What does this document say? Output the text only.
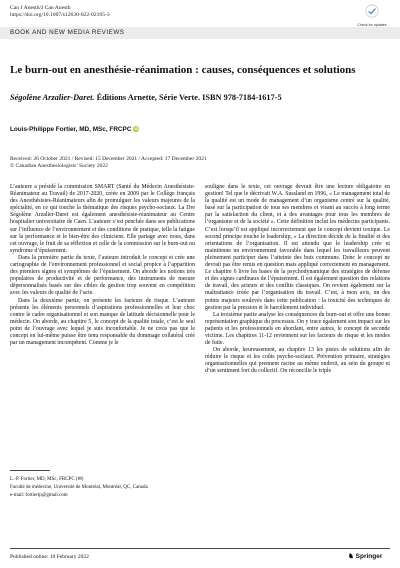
Can J Anesth/J Can Anesth
https://doi.org/10.1007/s12630-022-02195-3
Check for updates
BOOK AND NEW MEDIA REVIEWS
Le burn-out en anesthésie-réanimation : causes, conséquences et solutions

Ségolène Arzalier-Daret. Éditions Arnette, Série Verte. ISBN 978-7184-1617-5

Louis-Philippe Fortier, MD, MSc, FRCPC iD
Received: 26 October 2021 / Revised: 15 December 2021 / Accepted: 17 December 2021
© Canadian Anesthesiologists’ Society 2022

L’auteure a présidé la commission SMART (Santé du Médecin Anesthésiste-Réanimateur au Travail) de 2017-2020, créée en 2009 par le Collège français des Anesthésistes-Réanimateurs afin de promulguer les valeurs majeures de la spécialité, en ce qui touche la thématique des risques psycho-sociaux. La Dre Ségolène Arzalier-Daret est également anesthésiste-réanimateur au Centre hospitalier universitaire de Caen. L’auteure s’est penchée dans ses publications sur l’influence de l’environnement et des conditions de pratique, telle la fatigue sur la performance et le bien-être des cliniciens. Elle partage avec nous, dans cet ouvrage, le fruit de sa réflexion et celle de la commission sur le burn-out ou syndrome d’épuisement.

Dans la première partie du texte, l’auteure introduit le concept et crée une cartographie de l’environnement professionnel et social propice à l’apparition des premiers signes et symptômes de l’épuisement. On aborde les notions très populaires de productivité et de performance, des instruments de mesure dépersonnalisés basés sur des cibles de gestion trop souvent en compétition avec les valeurs de qualité de l’acte.

Dans la deuxième partie, on présente les facteurs de risque. L’auteure présente les éléments personnels d’aspirations professionnelles et leur choc contre le cadre organisationnel et son manque de latitude décisionnelle pour le médecin. On aborde, au chapitre 5, le concept de la qualité totale, c’est le seul point de l’ouvrage avec lequel je suis inconfortable. Je ne crois pas que le concept en lui-même puisse être tenu responsable du dommage collatéral créé par un management incompétent. Comme je le

L.-P. Fortier, MD, MSc, FRCPC (✉)

Faculté de médecine, Université de Montréal, Montréal, QC, Canada

e-mail: fortierlp@gmail.com

souligne dans le texte, cet ouvrage devrait être une lecture obligatoire en gestion! Tel que le décrivait W.A. Sussland en 1996, « Le management total de la qualité est un mode de management d’un organisme centré sur la qualité, basé sur la participation de tous ses membres et visant au succès à long terme par la satisfaction du client, et à des avantages pour tous les membres de l’organisme et de la société ». Cette définition inclut les médecins participants. C’est lorsqu’il est appliqué incorrectement que le concept devient toxique. Le second principe touche le leadership, « La direction décide de la finalité et des orientations de l’organisation. Il est attendu que le leadership crée et maintienne un environnement favorable dans lequel les travailleurs peuvent pleinement participer dans l’atteinte des buts communs. Donc le concept ne devrait pas être remis en question mais appliqué correctement en management. Le chapitre 6 livre les bases de la psychodynamique des stratégies de défense et des signes cardinaux de l’épuisement. Il est également question des relations de travail, des acteurs et des conflits classiques. On revient également sur la maltraitance créée par l’organisation du travail. C’est, à mon avis, un des points majeurs soulevés dans cette publication : la toxicité des techniques de gestion par la pression et le harcèlement individuel.

La troisième partie analyse les conséquences du burn-out et offre une bonne représentation graphique du processus. On y trace également son impact sur les patients et les professionnels en abordant, entre autres, le concept de seconde victime. Les chapitres 11-12 reviennent sur les facteurs de risque et les modes de fuite.

On aborde, heureusement, au chapitre 13 les pistes de solutions afin de réduire le risque et les coûts psycho-sociaux. Prévention primaire, stratégies organisationnelles qui prennent racine au même endroit, au sein du groupe et d’un sentiment fort du collectif. On réconcilie le triple

Published online: 10 February 2022	♞ Springer
